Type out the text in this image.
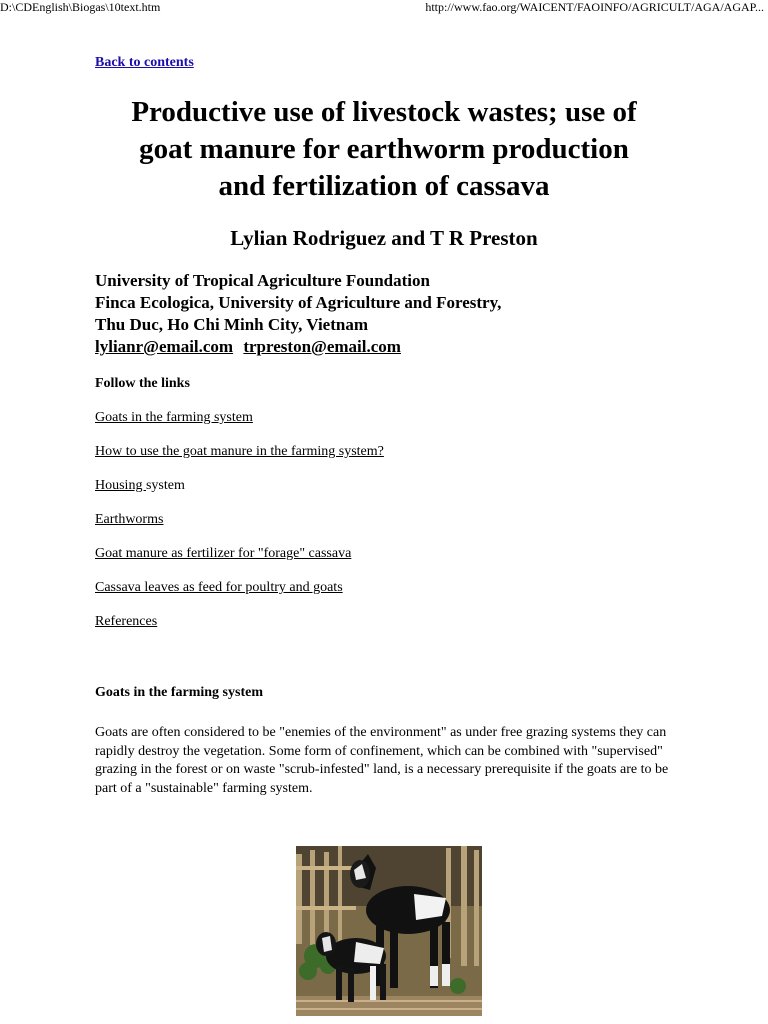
D:\CDEnglish\Biogas\10text.htm	http://www.fao.org/WAICENT/FAOINFO/AGRICULT/AGA/AGAP...
Back to contents
Productive use of livestock wastes; use of
goat manure for earthworm production
and fertilization of cassava

Lylian Rodriguez and T R Preston

University of Tropical Agriculture Foundation
Finca Ecologica, University of Agriculture and Forestry,
Thu Duc, Ho Chi Minh City, Vietnam
lylianr@email.com trpreston@email.com
Follow the links
Goats in the farming system
How to use the goat manure in the farming system?
Housing system
Earthworms
Goat manure as fertilizer for "forage" cassava
Cassava leaves as feed for poultry and goats
References
Goats in the farming system
Goats are often considered to be "enemies of the environment" as under free grazing systems they can rapidly destroy the vegetation. Some form of confinement, which can be combined with "supervised" grazing in the forest or on waste "scrub-infested" land, is a necessary prerequisite if the goats are to be part of a "sustainable" farming system.
